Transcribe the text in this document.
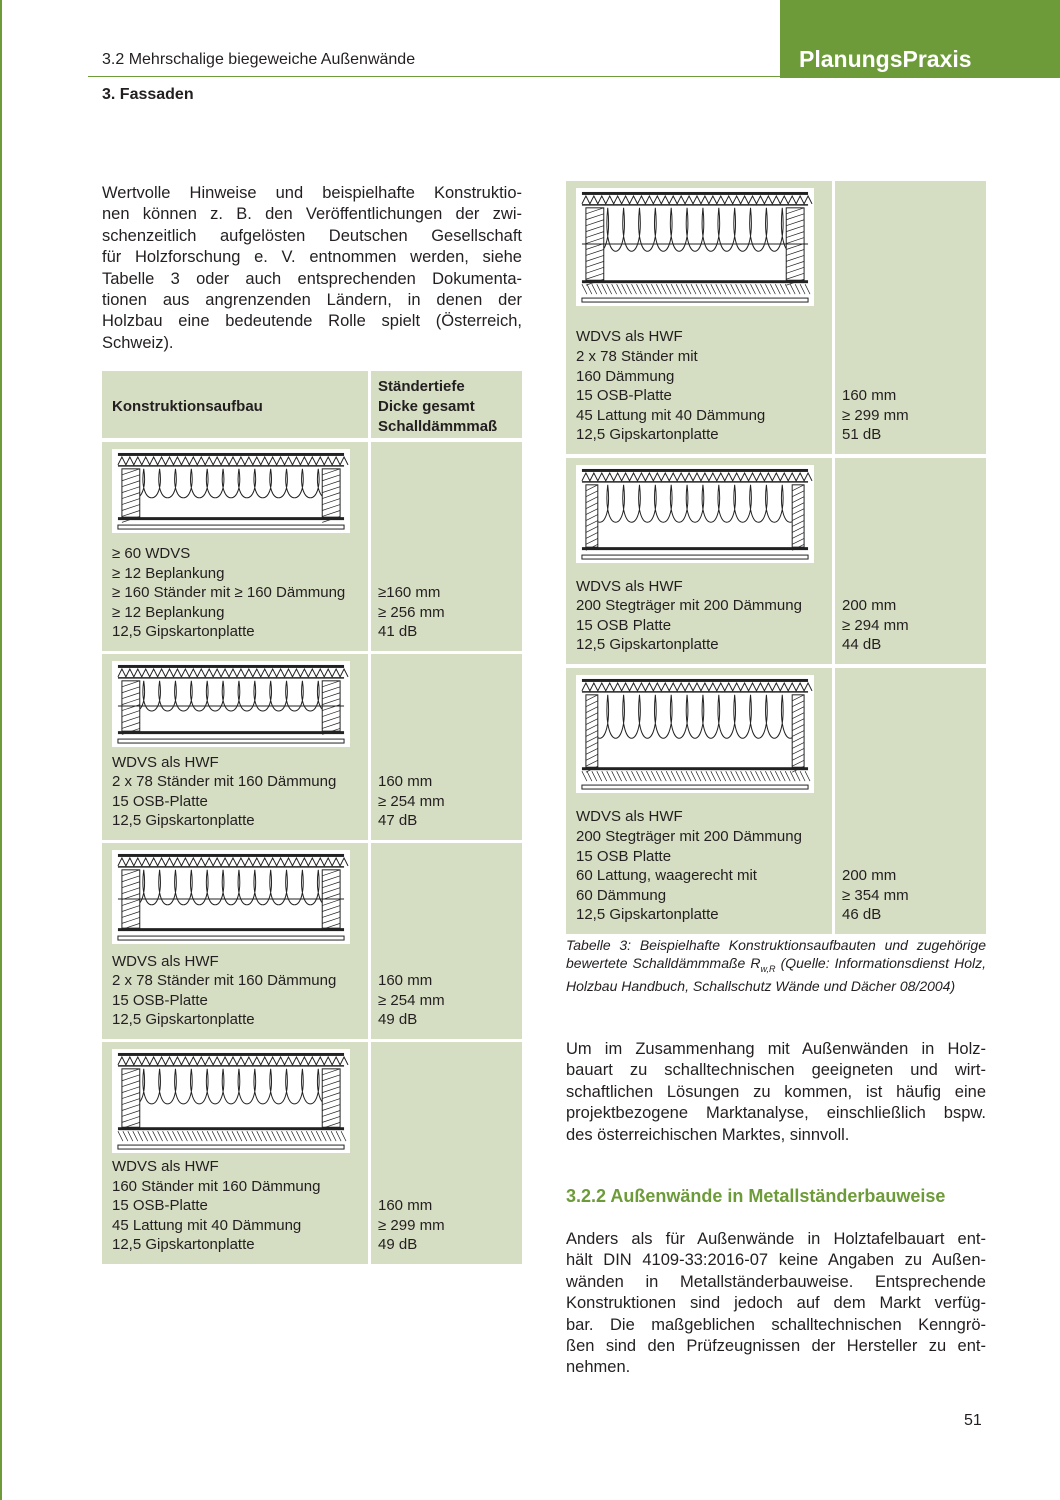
PlanungsPraxis
3.2 Mehrschalige biegeweiche Außenwände
3. Fassaden
Wertvolle Hinweise und beispielhafte Konstruktio-
nen können z. B. den Veröffentlichungen der zwi-
schenzeitlich aufgelösten Deutschen Gesellschaft
für Holzforschung e. V. entnommen werden, siehe
Tabelle 3 oder auch entsprechenden Dokumenta-
tionen aus angrenzenden Ländern, in denen der
Holzbau eine bedeutende Rolle spielt (Österreich,
Schweiz).
Konstruktionsaufbau
Ständertiefe
Dicke gesamt
Schalldämmmaß
≥ 60 WDVS
≥ 12 Beplankung
≥ 160 Ständer mit ≥ 160 Dämmung
≥ 12 Beplankung
12,5 Gipskartonplatte
≥160 mm
≥ 256 mm
41 dB
WDVS als HWF
2 x 78 Ständer mit 160 Dämmung
15 OSB-Platte
12,5 Gipskartonplatte
160 mm
≥ 254 mm
47 dB
WDVS als HWF
2 x 78 Ständer mit 160 Dämmung
15 OSB-Platte
12,5 Gipskartonplatte
160 mm
≥ 254 mm
49 dB
WDVS als HWF
160 Ständer mit 160 Dämmung
15 OSB-Platte
45 Lattung mit 40 Dämmung
12,5 Gipskartonplatte
160 mm
≥ 299 mm
49 dB
WDVS als HWF
2 x 78 Ständer mit
160 Dämmung
15 OSB-Platte
45 Lattung mit 40 Dämmung
12,5 Gipskartonplatte
160 mm
≥ 299 mm
51 dB
WDVS als HWF
200 Stegträger mit 200 Dämmung
15 OSB Platte
12,5 Gipskartonplatte
200 mm
≥ 294 mm
44 dB
WDVS als HWF
200 Stegträger mit 200 Dämmung
15 OSB Platte
60 Lattung, waagerecht mit
60 Dämmung
12,5 Gipskartonplatte
200 mm
≥ 354 mm
46 dB
Tabelle 3: Beispielhafte Konstruktionsaufbauten und zugehörige bewertete Schalldämmmaße $R_{w,R}$ (Quelle: Informationsdienst Holz, Holzbau Handbuch, Schallschutz Wände und Dächer 08/2004)
Um im Zusammenhang mit Außenwänden in Holz-
bauart zu schalltechnischen geeigneten und wirt-
schaftlichen Lösungen zu kommen, ist häufig eine
projektbezogene Marktanalyse, einschließlich bspw.
des österreichischen Marktes, sinnvoll.
3.2.2 Außenwände in Metallständerbauweise
Anders als für Außenwände in Holztafelbauart ent-
hält DIN 4109-33:2016-07 keine Angaben zu Außen-
wänden in Metallständerbauweise. Entsprechende
Konstruktionen sind jedoch auf dem Markt verfüg-
bar. Die maßgeblichen schalltechnischen Kenngrö-
ßen sind den Prüfzeugnissen der Hersteller zu ent-
nehmen.
51
